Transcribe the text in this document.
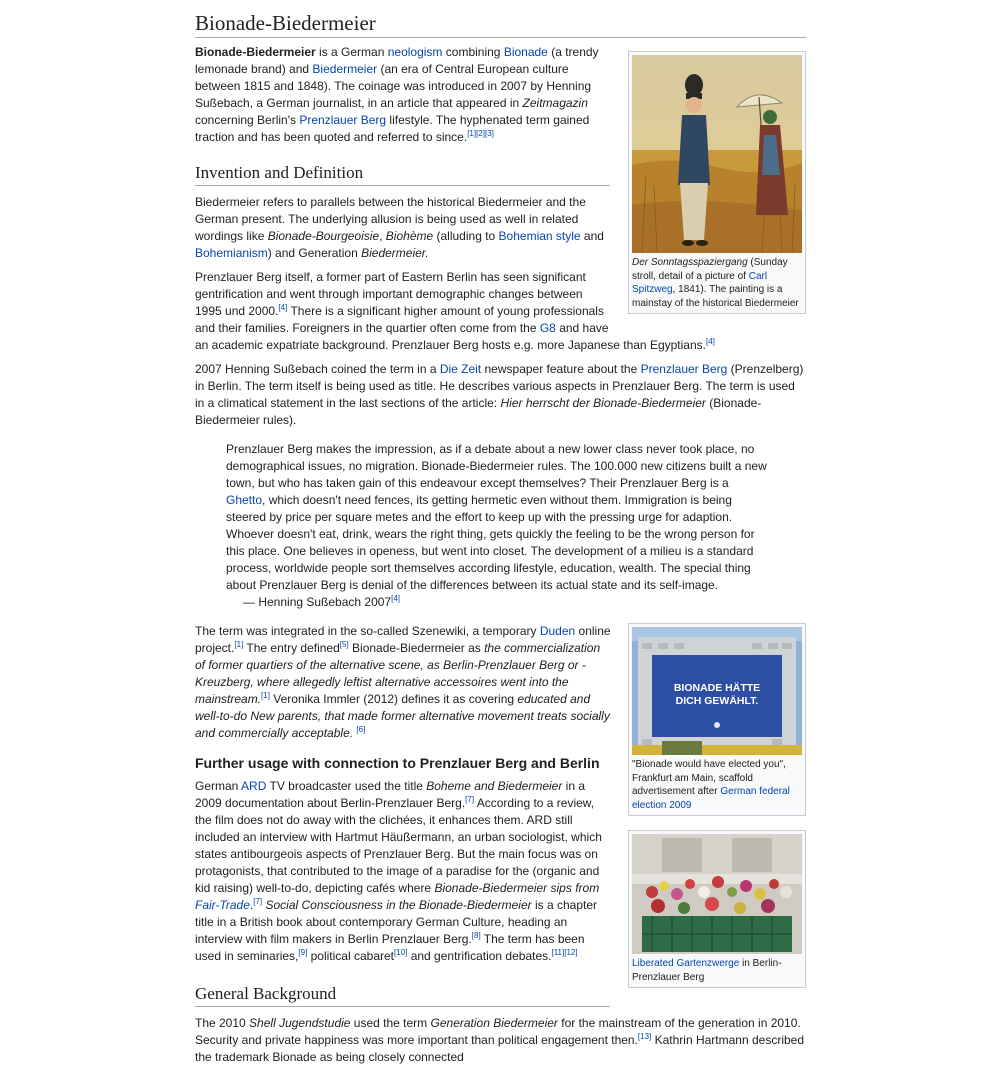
Bionade-Biedermeier
Der Sonntagsspaziergang (Sunday stroll, detail of a picture of Carl Spitzweg, 1841). The painting is a mainstay of the historical Biedermeier

Bionade-Biedermeier is a German neologism combining Bionade (a trendy lemonade brand) and Biedermeier (an era of Central European culture between 1815 and 1848). The coinage was introduced in 2007 by Henning Sußebach, a German journalist, in an article that appeared in Zeitmagazin concerning Berlin's Prenzlauer Berg lifestyle. The hyphenated term gained traction and has been quoted and referred to since.[1][2][3]

Invention and Definition

Biedermeier refers to parallels between the historical Biedermeier and the German present. The underlying allusion is being used as well in related wordings like Bionade-Bourgeoisie, Biohème (alluding to Bohemian style and Bohemianism) and Generation Biedermeier.

Prenzlauer Berg itself, a former part of Eastern Berlin has seen significant gentrification and went through important demographic changes between 1995 und 2000.[4] There is a significant higher amount of young professionals and their families. Foreigners in the quartier often come from the G8 and have an academic expatriate background. Prenzlauer Berg hosts e.g. more Japanese than Egyptians.[4]

2007 Henning Sußebach coined the term in a Die Zeit newspaper feature about the Prenzlauer Berg (Prenzelberg) in Berlin. The term itself is being used as title. He describes various aspects in Prenzlauer Berg. The term is used in a climatical statement in the last sections of the article: Hier herrscht der Bionade-Biedermeier (Bionade-Biedermeier rules).

Prenzlauer Berg makes the impression, as if a debate about a new lower class never took place, no demographical issues, no migration. Bionade-Biedermeier rules. The 100.000 new citizens built a new town, but who has taken gain of this endeavour except themselves? Their Prenzlauer Berg is a Ghetto, which doesn't need fences, its getting hermetic even without them. Immigration is being steered by price per square metes and the effort to keep up with the pressing urge for adaption. Whoever doesn't eat, drink, wears the right thing, gets quickly the feeling to be the wrong person for this place. One believes in openess, but went into closet. The development of a milieu is a standard process, worldwide people sort themselves according lifestyle, education, wealth. The special thing about Prenzlauer Berg is denial of the differences between its actual state and its self-image.

— Henning Sußebach 2007[4]
BIONADE HÄTTE
DICH GEWÄHLT.
"Bionade would have elected you", Frankfurt am Main, scaffold advertisement after German federal election 2009

The term was integrated in the so-called Szenewiki, a temporary Duden online project.[1] The entry defined[5] Bionade-Biedermeier as the commercialization of former quartiers of the alternative scene, as Berlin-Prenzlauer Berg or -Kreuzberg, where allegedly leftist alternative accessoires went into the mainstream.[1] Veronika Immler (2012) defines it as covering educated and well-to-do New parents, that made former alternative movement treats socially and commercially acceptable. [6]

Further usage with connection to Prenzlauer Berg and Berlin
Liberated Gartenzwerge in Berlin-Prenzlauer Berg

German ARD TV broadcaster used the title Boheme and Biedermeier in a 2009 documentation about Berlin-Prenzlauer Berg.[7] According to a review, the film does not do away with the clichées, it enhances them. ARD still included an interview with Hartmut Häußermann, an urban sociologist, which states antibourgeois aspects of Prenzlauer Berg. But the main focus was on protagonists, that contributed to the image of a paradise for the (organic and kid raising) well-to-do, depicting cafés where Bionade-Biedermeier sips from Fair-Trade.[7] Social Consciousness in the Bionade-Biedermeier is a chapter title in a British book about contemporary German Culture, heading an interview with film makers in Berlin Prenzlauer Berg.[8] The term has been used in seminaries,[9] political cabaret[10] and gentrification debates.[11][12]

General Background

The 2010 Shell Jugendstudie used the term Generation Biedermeier for the mainstream of the generation in 2010. Security and private happiness was more important than political engagement then.[13] Kathrin Hartmann described the trademark Bionade as being closely connected
